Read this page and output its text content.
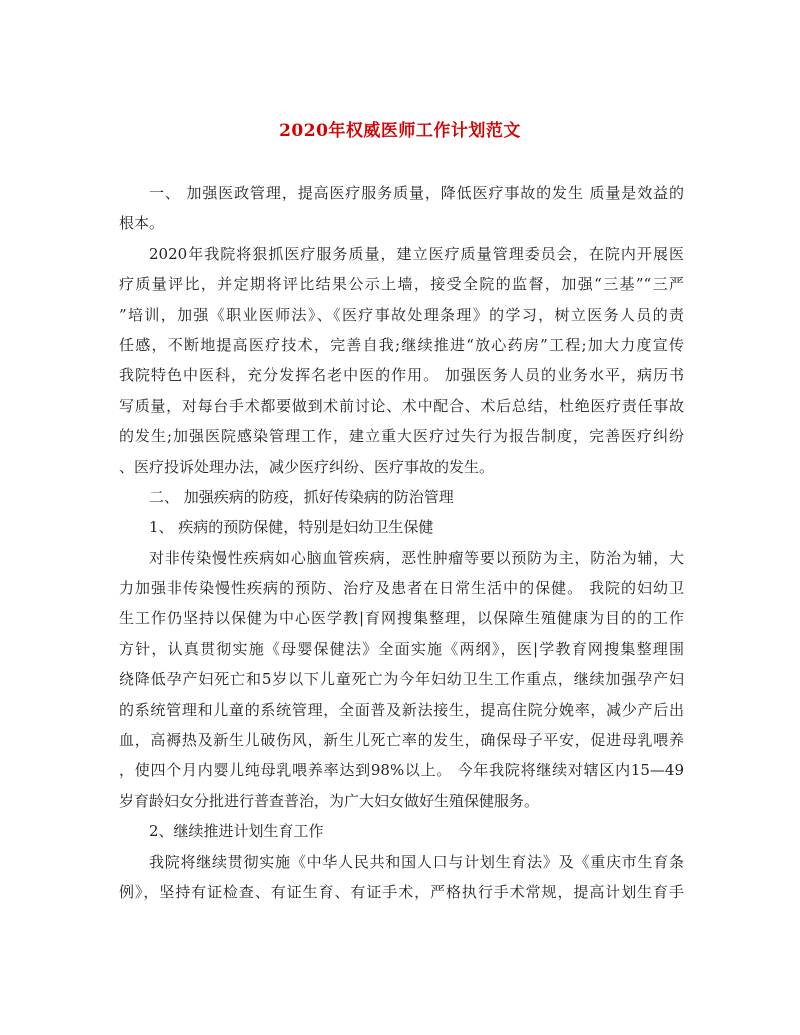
2020年权威医师工作计划范文
一、 加强医政管理，提高医疗服务质量，降低医疗事故的发生 质量是效益的
根本。
2020年我院将狠抓医疗服务质量，建立医疗质量管理委员会，在院内开展医
疗质量评比，并定期将评比结果公示上墙，接受全院的监督，加强“三基”“三严
”培训，加强《职业医师法》、《医疗事故处理条理》的学习，树立医务人员的责
任感，不断地提高医疗技术，完善自我;继续推进“放心药房”工程;加大力度宣传
我院特色中医科，充分发挥名老中医的作用。 加强医务人员的业务水平，病历书
写质量，对每台手术都要做到术前讨论、术中配合、术后总结，杜绝医疗责任事故
的发生;加强医院感染管理工作，建立重大医疗过失行为报告制度，完善医疗纠纷
、医疗投诉处理办法，减少医疗纠纷、医疗事故的发生。
二、 加强疾病的防疫，抓好传染病的防治管理
1、 疾病的预防保健，特别是妇幼卫生保健
对非传染慢性疾病如心脑血管疾病，恶性肿瘤等要以预防为主，防治为辅，大
力加强非传染慢性疾病的预防、治疗及患者在日常生活中的保健。 我院的妇幼卫
生工作仍坚持以保健为中心医学教|育网搜集整理，以保障生殖健康为目的的工作
方针，认真贯彻实施《母婴保健法》全面实施《两纲》，医|学教育网搜集整理围
绕降低孕产妇死亡和5岁以下儿童死亡为今年妇幼卫生工作重点，继续加强孕产妇
的系统管理和儿童的系统管理，全面普及新法接生，提高住院分娩率，减少产后出
血，高褥热及新生儿破伤风，新生儿死亡率的发生，确保母子平安，促进母乳喂养
，使四个月内婴儿纯母乳喂养率达到98%以上。 今年我院将继续对辖区内15—49
岁育龄妇女分批进行普查普治，为广大妇女做好生殖保健服务。
2、继续推进计划生育工作
我院将继续贯彻实施《中华人民共和国人口与计划生育法》及《重庆市生育条
例》，坚持有证检查、有证生育、有证手术，严格执行手术常规，提高计划生育手
